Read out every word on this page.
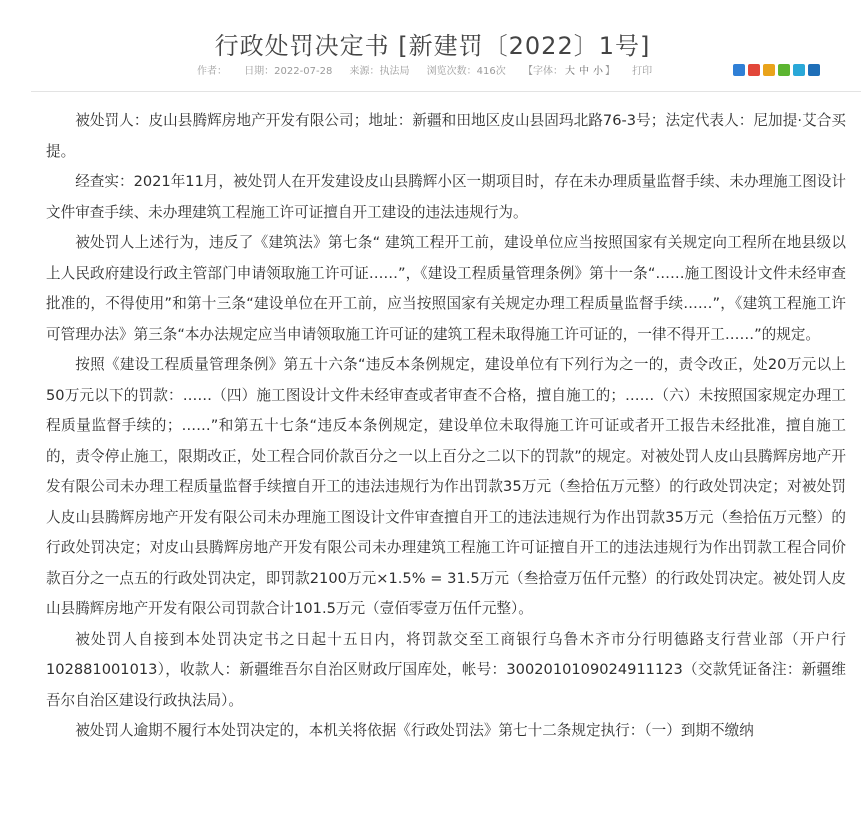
行政处罚决定书 [新建罚〔2022〕1号]
作者： 日期：2022-07-28 来源：执法局 浏览次数：416次 【字体： 大 中 小 】 打印

被处罚人：皮山县腾辉房地产开发有限公司；地址：新疆和田地区皮山县固玛北路76-3号；法定代表人：尼加提·艾合买提。

经查实：2021年11月，被处罚人在开发建设皮山县腾辉小区一期项目时，存在未办理质量监督手续、未办理施工图设计文件审查手续、未办理建筑工程施工许可证擅自开工建设的违法违规行为。

被处罚人上述行为，违反了《建筑法》第七条“ 建筑工程开工前，建设单位应当按照国家有关规定向工程所在地县级以上人民政府建设行政主管部门申请领取施工许可证……”，《建设工程质量管理条例》第十一条“……施工图设计文件未经审查批准的，不得使用”和第十三条“建设单位在开工前，应当按照国家有关规定办理工程质量监督手续……”，《建筑工程施工许可管理办法》第三条“本办法规定应当申请领取施工许可证的建筑工程未取得施工许可证的，一律不得开工……”的规定。

按照《建设工程质量管理条例》第五十六条“违反本条例规定，建设单位有下列行为之一的，责令改正，处20万元以上50万元以下的罚款：……（四）施工图设计文件未经审查或者审查不合格，擅自施工的；……（六）未按照国家规定办理工程质量监督手续的；……”和第五十七条“违反本条例规定，建设单位未取得施工许可证或者开工报告未经批准，擅自施工的，责令停止施工，限期改正，处工程合同价款百分之一以上百分之二以下的罚款”的规定。对被处罚人皮山县腾辉房地产开发有限公司未办理工程质量监督手续擅自开工的违法违规行为作出罚款35万元（叁拾伍万元整）的行政处罚决定；对被处罚人皮山县腾辉房地产开发有限公司未办理施工图设计文件审查擅自开工的违法违规行为作出罚款35万元（叁拾伍万元整）的行政处罚决定；对皮山县腾辉房地产开发有限公司未办理建筑工程施工许可证擅自开工的违法违规行为作出罚款工程合同价款百分之一点五的行政处罚决定，即罚款2100万元×1.5% = 31.5万元（叁拾壹万伍仟元整）的行政处罚决定。被处罚人皮山县腾辉房地产开发有限公司罚款合计101.5万元（壹佰零壹万伍仟元整）。

被处罚人自接到本处罚决定书之日起十五日内，将罚款交至工商银行乌鲁木齐市分行明德路支行营业部（开户行102881001013），收款人：新疆维吾尔自治区财政厅国库处，帐号：3002010109024911123（交款凭证备注：新疆维吾尔自治区建设行政执法局）。

被处罚人逾期不履行本处罚决定的，本机关将依据《行政处罚法》第七十二条规定执行：（一）到期不缴纳
